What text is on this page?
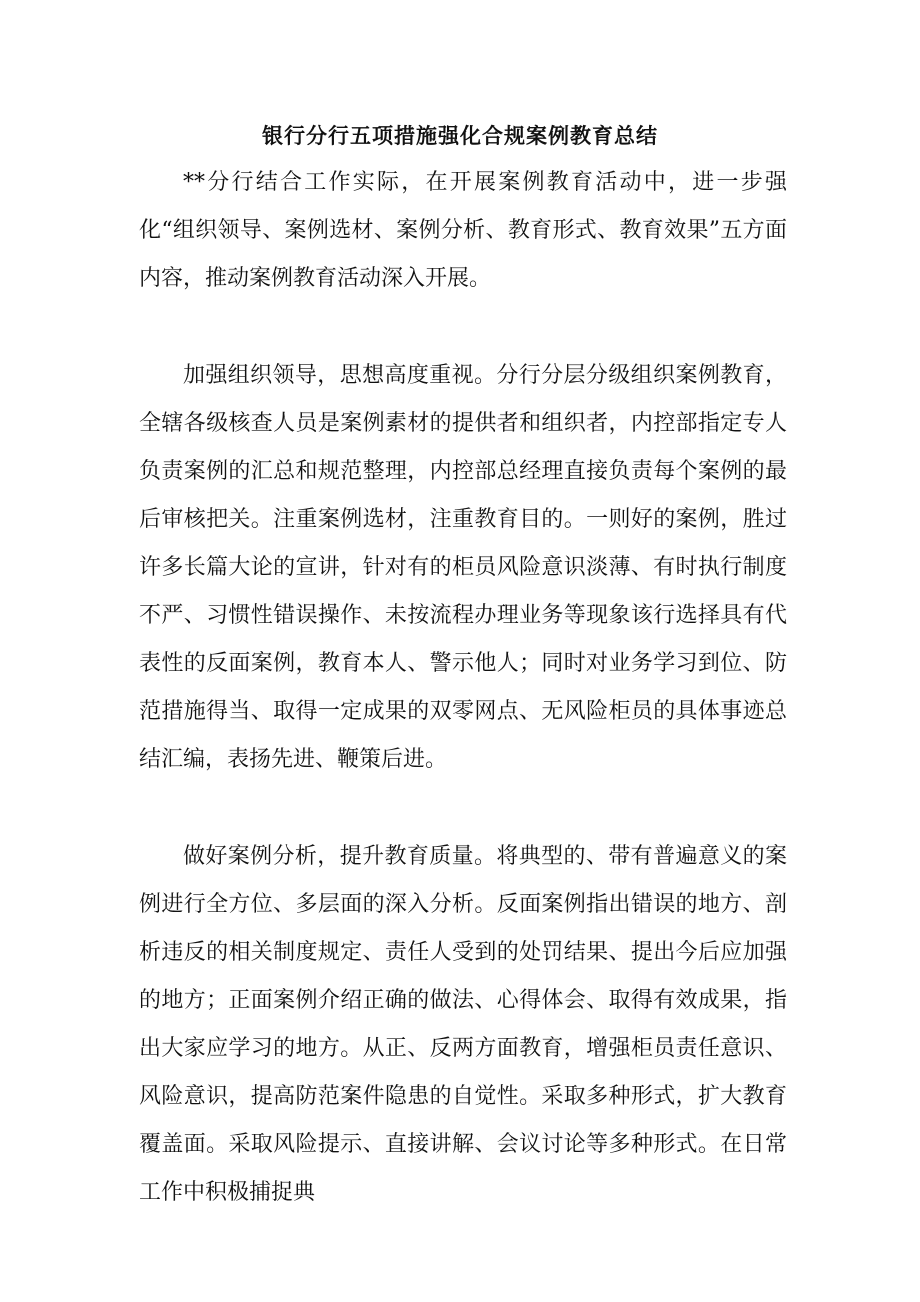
银行分行五项措施强化合规案例教育总结

**分行结合工作实际，在开展案例教育活动中，进一步强化“组织领导、案例选材、案例分析、教育形式、教育效果”五方面内容，推动案例教育活动深入开展。

加强组织领导，思想高度重视。分行分层分级组织案例教育，全辖各级核查人员是案例素材的提供者和组织者，内控部指定专人负责案例的汇总和规范整理，内控部总经理直接负责每个案例的最后审核把关。注重案例选材，注重教育目的。一则好的案例，胜过许多长篇大论的宣讲，针对有的柜员风险意识淡薄、有时执行制度不严、习惯性错误操作、未按流程办理业务等现象该行选择具有代表性的反面案例，教育本人、警示他人；同时对业务学习到位、防范措施得当、取得一定成果的双零网点、无风险柜员的具体事迹总结汇编，表扬先进、鞭策后进。

做好案例分析，提升教育质量。将典型的、带有普遍意义的案例进行全方位、多层面的深入分析。反面案例指出错误的地方、剖析违反的相关制度规定、责任人受到的处罚结果、提出今后应加强的地方；正面案例介绍正确的做法、心得体会、取得有效成果，指出大家应学习的地方。从正、反两方面教育，增强柜员责任意识、风险意识，提高防范案件隐患的自觉性。采取多种形式，扩大教育覆盖面。采取风险提示、直接讲解、会议讨论等多种形式。在日常工作中积极捕捉典
